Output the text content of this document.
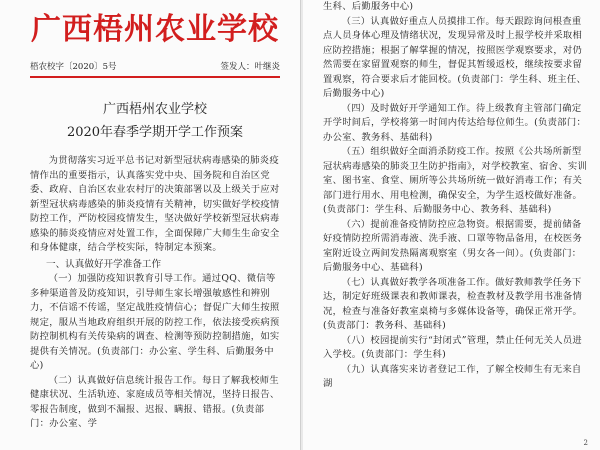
广西梧州农业学校
梧农校字〔2020〕5号	签发人：叶继炎
广西梧州农业学校
2020年春季学期开学工作预案

为贯彻落实习近平总书记对新型冠状病毒感染的肺炎疫情作出的重要指示，认真落实党中央、国务院和自治区党委、政府、自治区农业农村厅的决策部署以及上级关于应对新型冠状病毒感染的肺炎疫情有关精神，切实做好学校疫情防控工作，严防校园疫情发生，坚决做好学校新型冠状病毒感染的肺炎疫情应对处置工作，全面保障广大师生生命安全和身体健康，结合学校实际，特制定本预案。

一、认真做好开学准备工作

（一）加强防疫知识教育引导工作。通过QQ、微信等多种渠道普及防疫知识，引导师生家长增强敏感性和辨别力，不信谣不传谣，坚定战胜疫情信心；督促广大师生按照规定，服从当地政府组织开展的防控工作，依法接受疾病预防控制机构有关传染病的调查、检测等预防控制措施，如实提供有关情况。(负责部门：办公室、学生科、后勤服务中心)

（二）认真做好信息统计报告工作。每日了解我校师生健康状况、生活轨迹、家庭成员等相关情况，坚持日报告、零报告制度，做到不漏报、迟报、瞒报、错报。(负责部门：办公室、学

生科、后勤服务中心)

（三）认真做好重点人员摸排工作。每天跟踪询问根查重点人员身体心理及情绪状况，发现异常及时上报学校并采取相应防控措施；根据了解掌握的情况，按照医学观察要求，对仍然需要在家留置观察的师生，督促其暂缓返校，继续按要求留置观察，符合要求后才能回校。(负责部门：学生科、班主任、后勤服务中心)

（四）及时做好开学通知工作。待上级教育主管部门确定开学时间后，学校将第一时间内传达给每位师生。(负责部门：办公室、教务科、基础科)

（五）组织做好全面消杀防疫工作。按照《公共场所新型冠状病毒感染的肺炎卫生防护指南》，对学校教室、宿舍、实训室、图书室、食堂、厕所等公共场所统一做好消毒工作；有关部门进行用水、用电检测，确保安全，为学生返校做好准备。(负责部门：学生科、后勤服务中心、教务科、基础科)

（六）提前准备疫情防控应急物资。根据需要，提前储备好疫情防控所需消毒液、洗手液、口罩等物品备用，在校医务室附近设立两间发热隔离观察室（男女各一间）。(负责部门：后勤服务中心、基础科)

（七）认真做好教学各项准备工作。做好教师教学任务下达，制定好班级课表和教师课表，检查教材及教学用书准备情况，检查与准备好教室桌椅与多媒体设备等，确保正常开学。(负责部门：教务科、基础科)

（八）校园提前实行“封闭式”管理，禁止任何无关人员进入学校。(负责部门：学生科)

（九）认真落实来访者登记工作，了解全校师生有无来自湖

2
